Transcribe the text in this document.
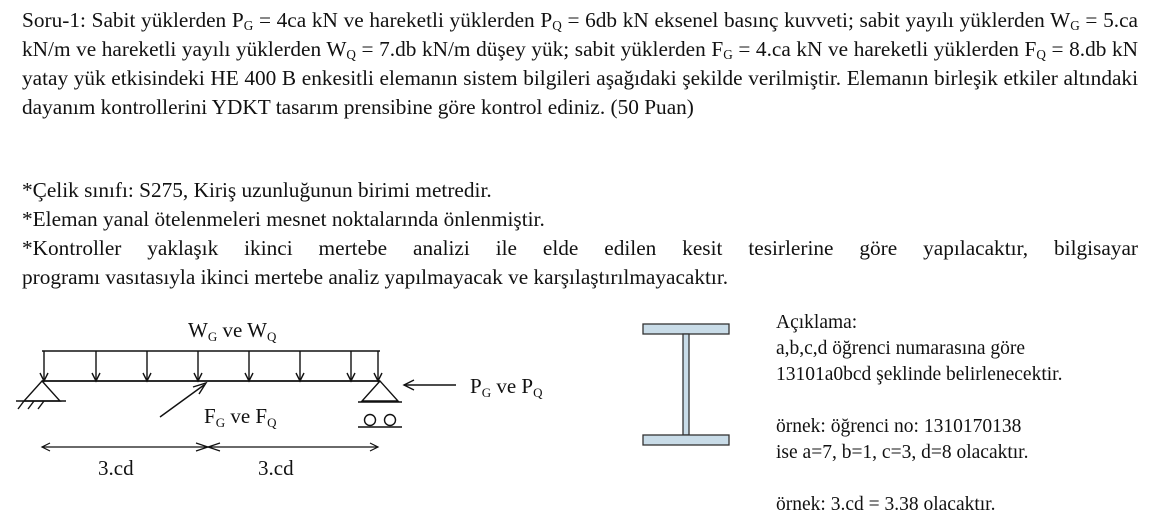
Soru-1: Sabit yüklerden $P_G = 4ca$ kN ve hareketli yüklerden $P_Q = 6db$ kN eksenel basınç kuvveti; sabit yayılı yüklerden $W_G = 5.ca$ kN/m ve hareketli yayılı yüklerden $W_Q = 7.db$ kN/m düşey yük; sabit yüklerden $F_G = 4.ca$ kN ve hareketli yüklerden $F_Q = 8.db$ kN yatay yük etkisindeki HE 400 B enkesitli elemanın sistem bilgileri aşağıdaki şekilde verilmiştir. Elemanın birleşik etkiler altındaki dayanım kontrollerini YDKT tasarım prensibine göre kontrol ediniz. (50 Puan)

*Çelik sınıfı: S275, Kiriş uzunluğunun birimi metredir.
*Eleman yanal ötelenmeleri mesnet noktalarında önlenmiştir.
*Kontroller yaklaşık ikinci mertebe analizi ile elde edilen kesit tesirlerine göre yapılacaktır, bilgisayar
programı vasıtasıyla ikinci mertebe analiz yapılmayacak ve karşılaştırılmayacaktır.
WG ve WQ
FG ve FQ
PG ve PQ
3.cd	3.cd

Açıklama:

a,b,c,d öğrenci numarasına göre

13101a0bcd şeklinde belirlenecektir.

örnek: öğrenci no: 1310170138

ise a=7, b=1, c=3, d=8 olacaktır.

örnek: 3.cd = 3.38 olacaktır.
